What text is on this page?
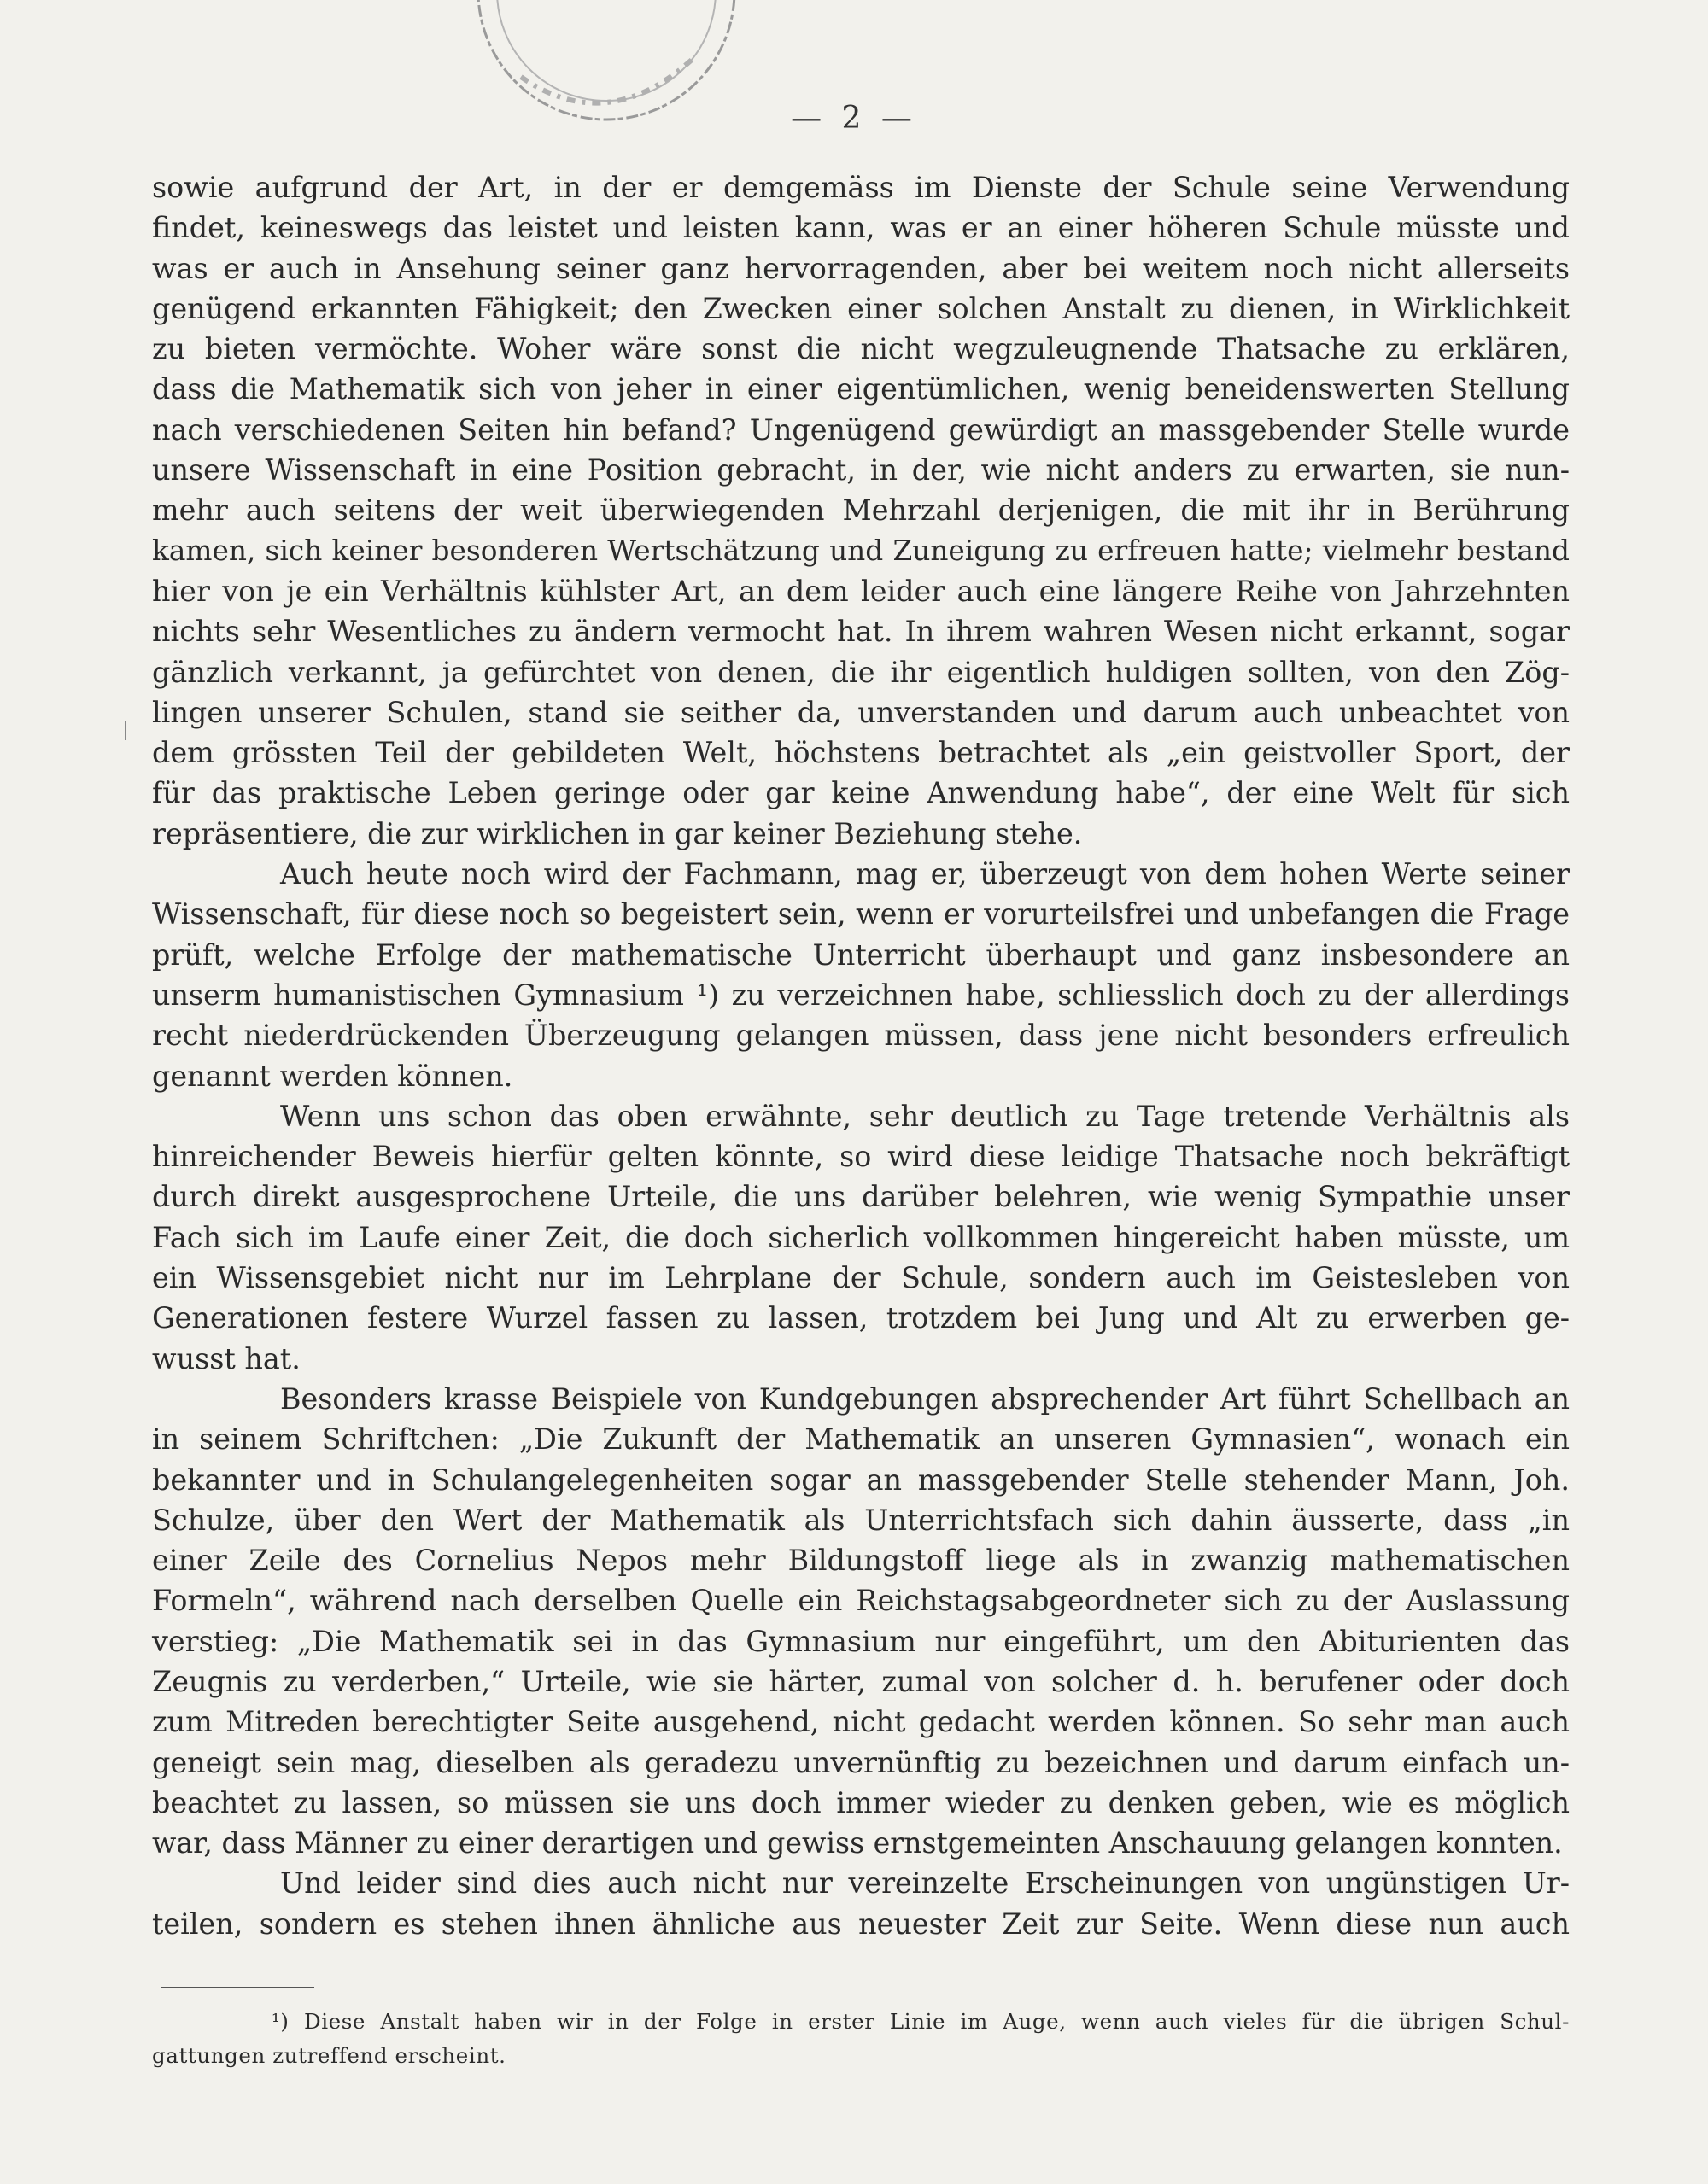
— 2 —
sowie aufgrund der Art, in der er demgemäss im Dienste der Schule seine Verwendung
findet, keineswegs das leistet und leisten kann, was er an einer höheren Schule müsste und
was er auch in Ansehung seiner ganz hervorragenden, aber bei weitem noch nicht allerseits
genügend erkannten Fähigkeit; den Zwecken einer solchen Anstalt zu dienen, in Wirklichkeit
zu bieten vermöchte. Woher wäre sonst die nicht wegzuleugnende Thatsache zu erklären,
dass die Mathematik sich von jeher in einer eigentümlichen, wenig beneidenswerten Stellung
nach verschiedenen Seiten hin befand? Ungenügend gewürdigt an massgebender Stelle wurde
unsere Wissenschaft in eine Position gebracht, in der, wie nicht anders zu erwarten, sie nun-
mehr auch seitens der weit überwiegenden Mehrzahl derjenigen, die mit ihr in Berührung
kamen, sich keiner besonderen Wertschätzung und Zuneigung zu erfreuen hatte; vielmehr bestand
hier von je ein Verhältnis kühlster Art, an dem leider auch eine längere Reihe von Jahrzehnten
nichts sehr Wesentliches zu ändern vermocht hat. In ihrem wahren Wesen nicht erkannt, sogar
gänzlich verkannt, ja gefürchtet von denen, die ihr eigentlich huldigen sollten, von den Zög-
lingen unserer Schulen, stand sie seither da, unverstanden und darum auch unbeachtet von
dem grössten Teil der gebildeten Welt, höchstens betrachtet als „ein geistvoller Sport, der
für das praktische Leben geringe oder gar keine Anwendung habe“, der eine Welt für sich
repräsentiere, die zur wirklichen in gar keiner Beziehung stehe.
Auch heute noch wird der Fachmann, mag er, überzeugt von dem hohen Werte seiner
Wissenschaft, für diese noch so begeistert sein, wenn er vorurteilsfrei und unbefangen die Frage
prüft, welche Erfolge der mathematische Unterricht überhaupt und ganz insbesondere an
unserm humanistischen Gymnasium ¹) zu verzeichnen habe, schliesslich doch zu der allerdings
recht niederdrückenden Überzeugung gelangen müssen, dass jene nicht besonders erfreulich
genannt werden können.
Wenn uns schon das oben erwähnte, sehr deutlich zu Tage tretende Verhältnis als
hinreichender Beweis hierfür gelten könnte, so wird diese leidige Thatsache noch bekräftigt
durch direkt ausgesprochene Urteile, die uns darüber belehren, wie wenig Sympathie unser
Fach sich im Laufe einer Zeit, die doch sicherlich vollkommen hingereicht haben müsste, um
ein Wissensgebiet nicht nur im Lehrplane der Schule, sondern auch im Geistesleben von
Generationen festere Wurzel fassen zu lassen, trotzdem bei Jung und Alt zu erwerben ge-
wusst hat.
Besonders krasse Beispiele von Kundgebungen absprechender Art führt Schellbach an
in seinem Schriftchen: „Die Zukunft der Mathematik an unseren Gymnasien“, wonach ein
bekannter und in Schulangelegenheiten sogar an massgebender Stelle stehender Mann, Joh.
Schulze, über den Wert der Mathematik als Unterrichtsfach sich dahin äusserte, dass „in
einer Zeile des Cornelius Nepos mehr Bildungstoff liege als in zwanzig mathematischen
Formeln“, während nach derselben Quelle ein Reichstagsabgeordneter sich zu der Auslassung
verstieg: „Die Mathematik sei in das Gymnasium nur eingeführt, um den Abiturienten das
Zeugnis zu verderben,“ Urteile, wie sie härter, zumal von solcher d. h. berufener oder doch
zum Mitreden berechtigter Seite ausgehend, nicht gedacht werden können. So sehr man auch
geneigt sein mag, dieselben als geradezu unvernünftig zu bezeichnen und darum einfach un-
beachtet zu lassen, so müssen sie uns doch immer wieder zu denken geben, wie es möglich
war, dass Männer zu einer derartigen und gewiss ernstgemeinten Anschauung gelangen konnten.
Und leider sind dies auch nicht nur vereinzelte Erscheinungen von ungünstigen Ur-
teilen, sondern es stehen ihnen ähnliche aus neuester Zeit zur Seite. Wenn diese nun auch
¹) Diese Anstalt haben wir in der Folge in erster Linie im Auge, wenn auch vieles für die übrigen Schul-
gattungen zutreffend erscheint.
